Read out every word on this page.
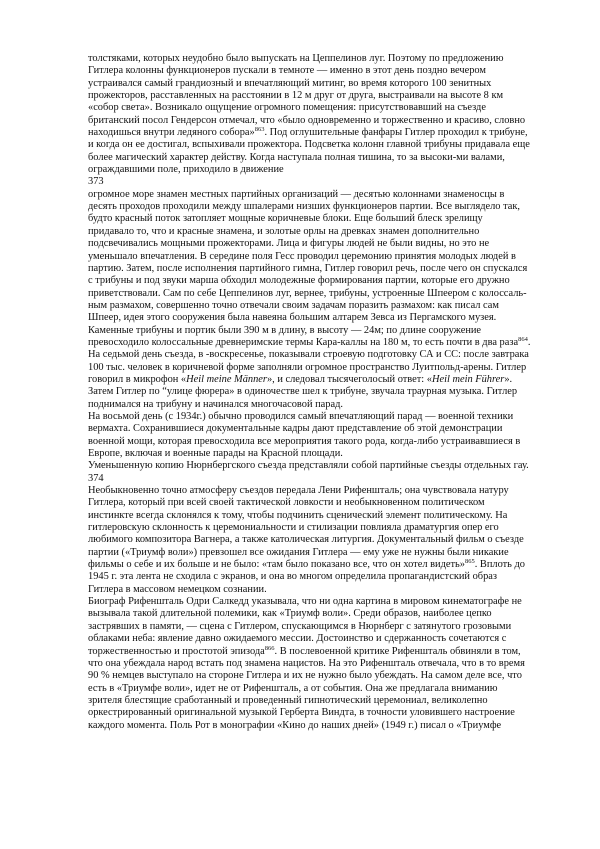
толстяками, которых неудобно было выпускать на Цеппелинов луг. Поэтому по предложению Гитлера колонны функционеров пускали в темноте — именно в этот день поздно вечером устраивался самый грандиозный и впечатляющий митинг, во время которого 100 зенитных прожекторов, расставленных на расстоянии в 12 м друг от друга, выстраивали на высоте 8 км «собор света». Возникало ощущение огромного помещения: присутствовавший на съезде британский посол Гендерсон отмечал, что «было одновременно и торжественно и красиво, словно находишься внутри ледяного собора»$^{863}$. Под оглушительные фанфары Гитлер проходил к трибуне, и когда он ее достигал, вспыхивали прожектора. Подсветка колонн главной трибуны придавала еще более магический характер действу. Когда наступала полная тишина, то за высоки-ми валами, ограждавшими поле, приходило в движение

373

огромное море знамен местных партийных организаций — десятью колоннами знаменосцы в десять проходов проходили между шпалерами низших функционеров партии. Все выглядело так, будто красный поток затопляет мощные коричневые блоки. Еще больший блеск зрелищу придавало то, что и красные знамена, и золотые орлы на древках знамен дополнительно подсвечивались мощными прожекторами. Лица и фигуры людей не были видны, но это не уменьшало впечатления. В середине поля Гесс проводил церемонию принятия молодых людей в партию. Затем, после исполнения партийного гимна, Гитлер говорил речь, после чего он спускался с трибуны и под звуки марша обходил молодежные формирования партии, которые его дружно приветствовали. Сам по себе Цеппелинов луг, вернее, трибуны, устроенные Шпеером с колоссаль-ным размахом, совершенно точно отвечали своим задачам поразить размахом: как писал сам Шпеер, идея этого сооружения была навеяна большим алтарем Зевса из Пергамского музея. Каменные трибуны и портик были 390 м в длину, в высоту — 24м; по длине сооружение превосходило колоссальные древнеримские термы Кара-каллы на 180 м, то есть почти в два раза$^{864}$.

На седьмой день съезда, в -воскресенье, показывали строевую подготовку СА и СС: после завтрака 100 тыс. человек в коричневой форме заполняли огромное пространство Луитпольд-арены. Гитлер говорил в микрофон «Heil meine Männer», и следовал тысячеголосый ответ: «Heil mein Führer». Затем Гитлер по “улице фюрера» в одиночестве шел к трибуне, звучала траурная музыка. Гитлер поднимался на трибуну и начинался многочасовой парад.

На восьмой день (с 1934г.) обычно проводился самый впечатляющий парад — военной техники вермахта. Сохранившиеся документальные кадры дают представление об этой демонстрации военной мощи, которая превосходила все мероприятия такого рода, когда-либо устраивавшиеся в Европе, включая и военные парады на Красной площади.

Уменьшенную копию Нюрнбергского съезда представляли собой партийные съезды отдельных гау.

374

Необыкновенно точно атмосферу съездов передала Лени Рифеншталь; она чувствовала натуру Гитлера, который при всей своей тактической ловкости и необыкновенном политическом инстинкте всегда склонялся к тому, чтобы подчинить сценический элемент политическому. На гитлеровскую склонность к церемониальности и стилизации повлияла драматургия опер его любимого композитора Вагнера, а также католическая литургия. Документальный фильм о съезде партии («Триумф воли») превзошел все ожидания Гитлера — ему уже не нужны были никакие фильмы о себе и их больше и не было: «там было показано все, что он хотел видеть»$^{865}$. Вплоть до 1945 г. эта лента не сходила с экранов, и она во многом определила пропагандистский образ Гитлера в массовом немецком сознании.

Биограф Рифеншталь Одри Салкедд указывала, что ни одна картина в мировом кинематографе не вызывала такой длительной полемики, как «Триумф воли». Среди образов, наиболее цепко застрявших в памяти, — сцена с Гитлером, спускающимся в Нюрнберг с затянутого грозовыми облаками неба: явление давно ожидаемого мессии. Достоинство и сдержанность сочетаются с торжественностью и простотой эпизода$^{866}$. В послевоенной критике Рифеншталь обвиняли в том, что она убеждала народ встать под знамена нацистов. На это Рифеншталь отвечала, что в то время 90 % немцев выступало на стороне Гитлера и их не нужно было убеждать. На самом деле все, что есть в «Триумфе воли», идет не от Рифеншталь, а от события. Она же предлагала вниманию зрителя блестящие сработанный и проведенный гипнотический церемониал, великолепно оркестрированный оригинальной музыкой Герберта Виндта, в точности уловившего настроение каждого момента. Поль Рот в монографии «Кино до наших дней» (1949 г.) писал о «Триумфе
